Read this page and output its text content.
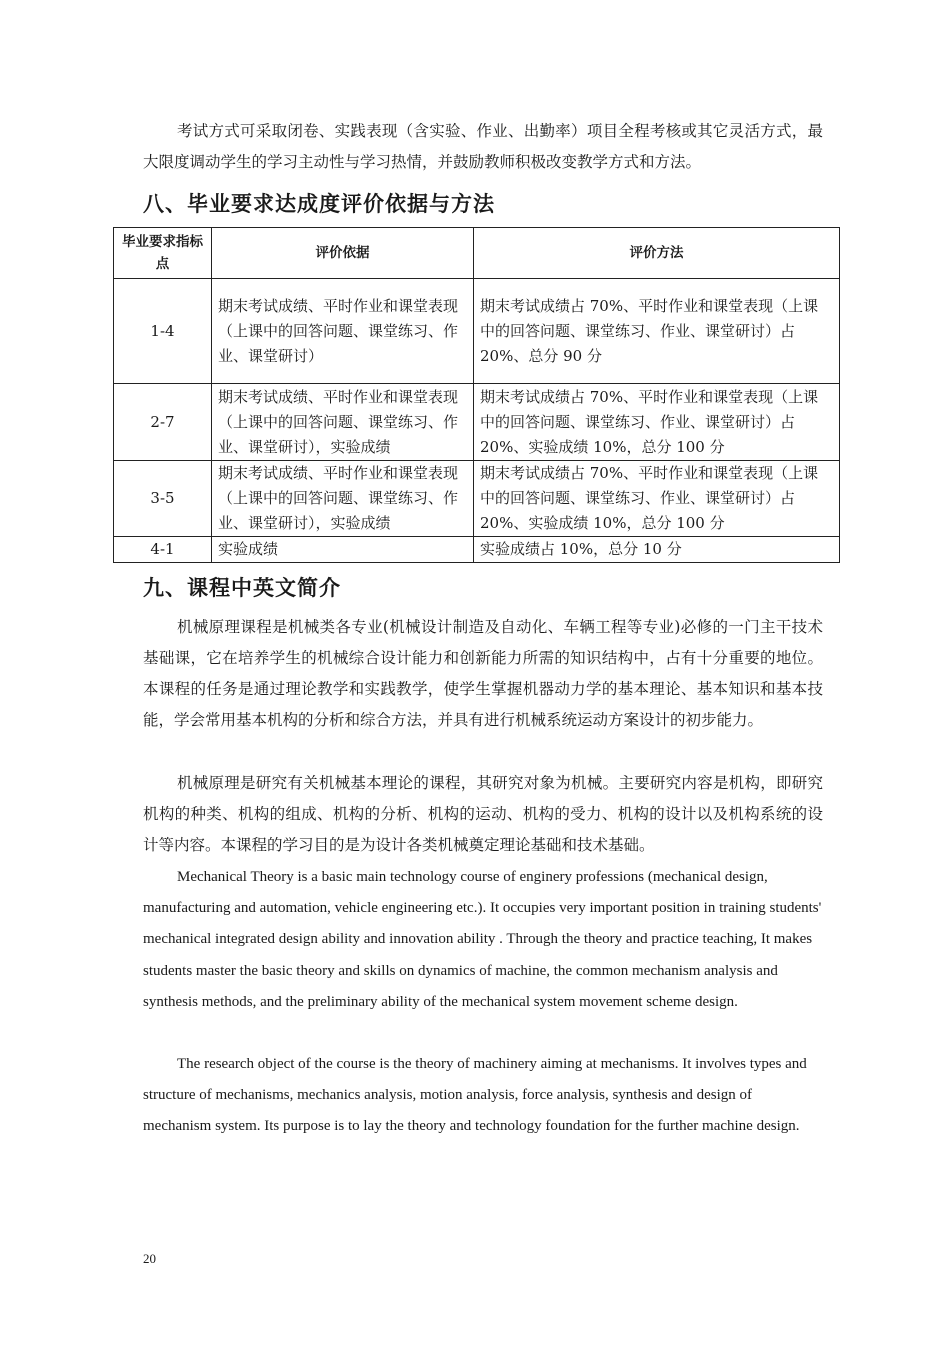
考试方式可采取闭卷、实践表现（含实验、作业、出勤率）项目全程考核或其它灵活方式，最大限度调动学生的学习主动性与学习热情，并鼓励教师积极改变教学方式和方法。

八、毕业要求达成度评价依据与方法
毕业要求指标点	评价依据	评价方法
1-4	期末考试成绩、平时作业和课堂表现（上课中的回答问题、课堂练习、作业、课堂研讨）	期末考试成绩占 70%、平时作业和课堂表现（上课中的回答问题、课堂练习、作业、课堂研讨）占 20%、总分 90 分
2-7	期末考试成绩、平时作业和课堂表现（上课中的回答问题、课堂练习、作业、课堂研讨），实验成绩	期末考试成绩占 70%、平时作业和课堂表现（上课中的回答问题、课堂练习、作业、课堂研讨）占 20%、实验成绩 10%，总分 100 分
3-5	期末考试成绩、平时作业和课堂表现（上课中的回答问题、课堂练习、作业、课堂研讨），实验成绩	期末考试成绩占 70%、平时作业和课堂表现（上课中的回答问题、课堂练习、作业、课堂研讨）占 20%、实验成绩 10%，总分 100 分
4-1	实验成绩	实验成绩占 10%，总分 10 分
九、课程中英文简介

机械原理课程是机械类各专业(机械设计制造及自动化、车辆工程等专业)必修的一门主干技术基础课，它在培养学生的机械综合设计能力和创新能力所需的知识结构中，占有十分重要的地位。本课程的任务是通过理论教学和实践教学，使学生掌握机器动力学的基本理论、基本知识和基本技能，学会常用基本机构的分析和综合方法，并具有进行机械系统运动方案设计的初步能力。

机械原理是研究有关机械基本理论的课程，其研究对象为机械。主要研究内容是机构，即研究机构的种类、机构的组成、机构的分析、机构的运动、机构的受力、机构的设计以及机构系统的设计等内容。本课程的学习目的是为设计各类机械奠定理论基础和技术基础。

Mechanical Theory is a basic main technology course of enginery professions (mechanical design, manufacturing and automation, vehicle engineering etc.). It occupies very important position in training students' mechanical integrated design ability and innovation ability . Through the theory and practice teaching, It makes students master the basic theory and skills on dynamics of machine, the common mechanism analysis and synthesis methods, and the preliminary ability of the mechanical system movement scheme design.

The research object of the course is the theory of machinery aiming at mechanisms. It involves types and structure of mechanisms, mechanics analysis, motion analysis, force analysis, synthesis and design of mechanism system. Its purpose is to lay the theory and technology foundation for the further machine design.

20
